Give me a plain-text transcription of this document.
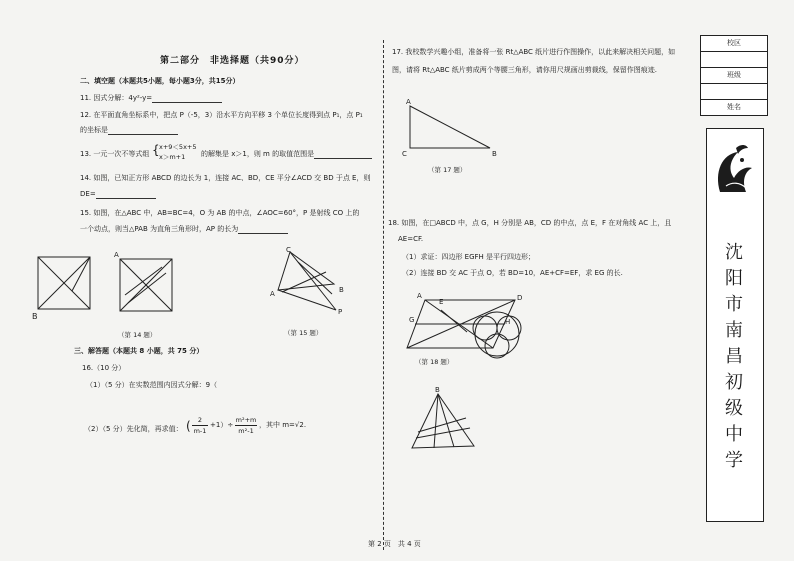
第二部分　非选择题（共90分）
二、填空题（本题共5小题，每小题3分，共15分）
11. 因式分解：4y²-y=
12. 在平面直角坐标系中，把点 P（-5，3）沿水平方向平移 3 个单位长度得到点 P₁，点 P₁
的坐标是
13. 一元一次不等式组 { x+9＜5x+5
x＞m+1 的解集是 x＞1，则 m 的取值范围是
14. 如图，已知正方形 ABCD 的边长为 1，连接 AC、BD，CE 平分∠ACD 交 BD 于点 E，则
DE=
15. 如图，在△ABC 中，AB=BC=4，O 为 AB 的中点，∠AOC=60°，P 是射线 CO 上的
一个动点，则当△PAB 为直角三角形时，AP 的长为
B
A
（第 14 题）
C
A	B
P
（第 15 题）
三、解答题（本题共 8 小题，共 75 分）
16.（10 分）
（1）（5 分）在实数范围内因式分解：9（
（2）（5 分）先化简，再求值： (	2
m-1
+1）÷
m²+m
m²-1
，其中 m=√2.
17. 我校数学兴趣小组，准备将一张 Rt△ABC 纸片进行作图操作，以此来解决相关问题，如
图，请将 Rt△ABC 纸片剪成两个等腰三角形，请你用尺规画出剪裁线，保留作图痕迹.
A
C	B
（第 17 题）
18. 如图，在□ABCD 中，点 G，H 分别是 AB，CD 的中点，点 E，F 在对角线 AC 上，且
AE=CF.
（1）求证：四边形 EGFH 是平行四边形；
（2）连接 BD 交 AC 于点 O，若 BD=10，AE+CF=EF，求 EG 的长.
A
E
G
D
H
（第 18 题）
B
第 2 页　共 4 页
校区
班级
姓名
沈
阳
市
南
昌
初
级
中
学
